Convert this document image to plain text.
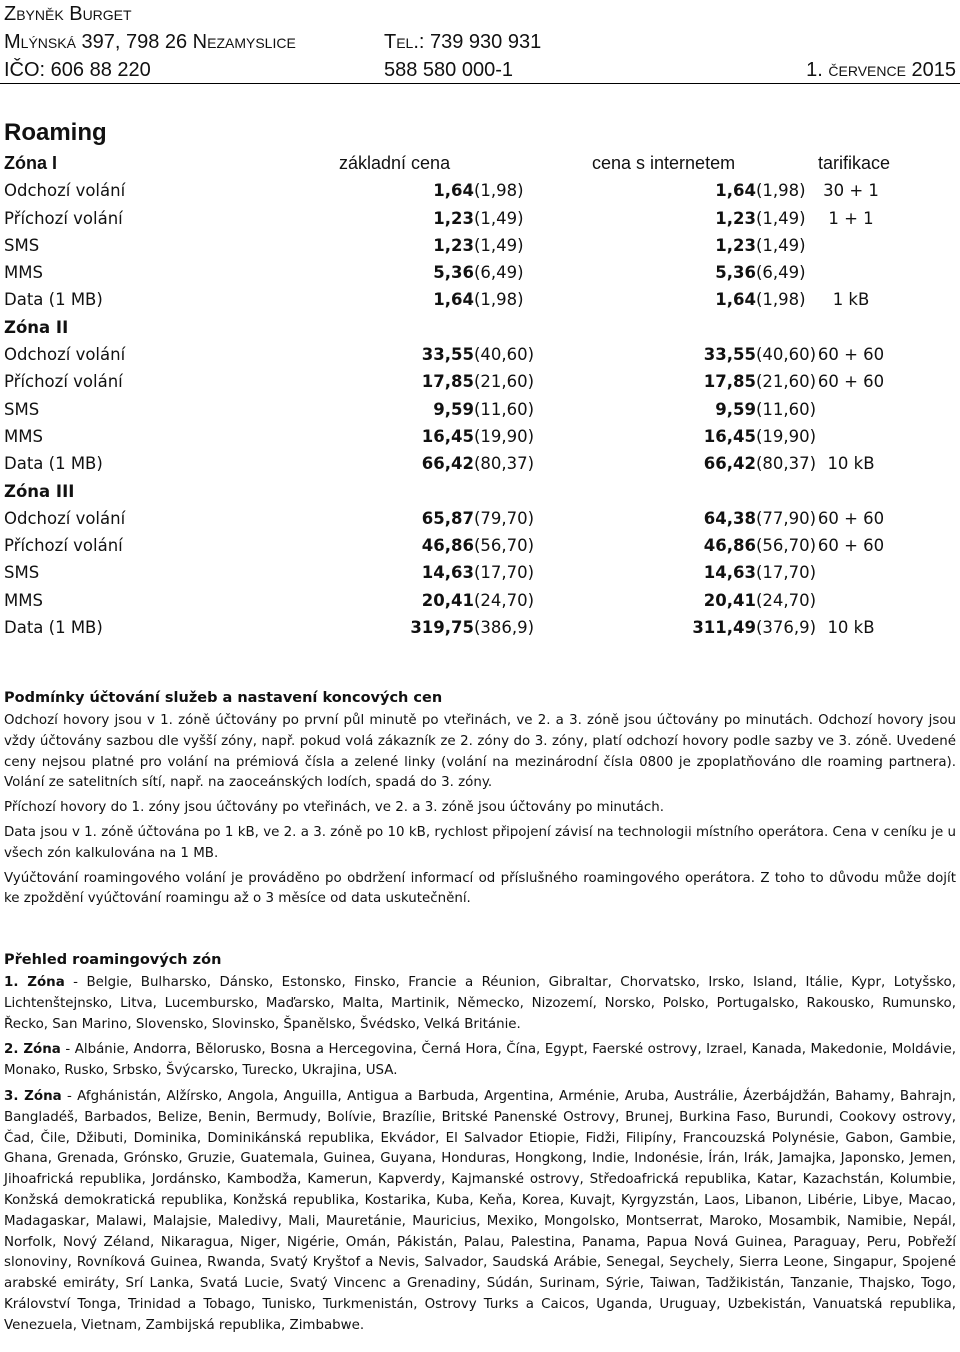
Zbyněk Burget
Mlýnská 397, 798 26 Nezamyslice	Tel.: 739 930 931
IČO: 606 88 220	588 580 000-1	1. července 2015
Roaming
Zóna I	základní cena	cena s internetem	tarifikace
Odchozí volání	1,64 (1,98)	1,64 (1,98)	30 + 1
Příchozí volání	1,23 (1,49)	1,23 (1,49)	1 + 1
SMS	1,23 (1,49)	1,23 (1,49)
MMS	5,36 (6,49)	5,36 (6,49)
Data (1 MB)	1,64 (1,98)	1,64 (1,98)	1 kB
Zóna II
Odchozí volání	33,55 (40,60)	33,55 (40,60) 60 + 60
Příchozí volání	17,85 (21,60)	17,85 (21,60) 60 + 60
SMS	9,59 (11,60)	9,59 (11,60)
MMS	16,45 (19,90)	16,45 (19,90)
Data (1 MB)	66,42 (80,37)	66,42 (80,37) 10 kB
Zóna III
Odchozí volání	65,87 (79,70)	64,38 (77,90) 60 + 60
Příchozí volání	46,86 (56,70)	46,86 (56,70) 60 + 60
SMS	14,63 (17,70)	14,63 (17,70)
MMS	20,41 (24,70)	20,41 (24,70)
Data (1 MB)	319,75 (386,9)	311,49 (376,9) 10 kB
Podmínky účtování služeb a nastavení koncových cen

Odchozí hovory jsou v 1. zóně účtovány po první půl minutě po vteřinách, ve 2. a 3. zóně jsou účtovány po minutách. Odchozí hovory jsou vždy účtovány sazbou dle vyšší zóny, např. pokud volá zákazník ze 2. zóny do 3. zóny, platí odchozí hovory podle sazby ve 3. zóně. Uvedené ceny nejsou platné pro volání na prémiová čísla a zelené linky (volání na mezinárodní čísla 0800 je zpoplatňováno dle roaming partnera). Volání ze satelitních sítí, např. na zaoceánských lodích, spadá do 3. zóny.

Příchozí hovory do 1. zóny jsou účtovány po vteřinách, ve 2. a 3. zóně jsou účtovány po minutách.

Data jsou v 1. zóně účtována po 1 kB, ve 2. a 3. zóně po 10 kB, rychlost připojení závisí na technologii místního operátora. Cena v ceníku je u všech zón kalkulována na 1 MB.

Vyúčtování roamingového volání je prováděno po obdržení informací od příslušného roamingového operátora. Z toho to důvodu může dojít ke zpoždění vyúčtování roamingu až o 3 měsíce od data uskutečnění.

Přehled roamingových zón

1. Zóna - Belgie, Bulharsko, Dánsko, Estonsko, Finsko, Francie a Réunion, Gibraltar, Chorvatsko, Irsko, Island, Itálie, Kypr, Lotyšsko, Lichtenštejnsko, Litva, Lucembursko, Maďarsko, Malta, Martinik, Německo, Nizozemí, Norsko, Polsko, Portugalsko, Rakousko, Rumunsko, Řecko, San Marino, Slovensko, Slovinsko, Španělsko, Švédsko, Velká Británie.

2. Zóna - Albánie, Andorra, Bělorusko, Bosna a Hercegovina, Černá Hora, Čína, Egypt, Faerské ostrovy, Izrael, Kanada, Makedonie, Moldávie, Monako, Rusko, Srbsko, Švýcarsko, Turecko, Ukrajina, USA.

3. Zóna - Afghánistán, Alžírsko, Angola, Anguilla, Antigua a Barbuda, Argentina, Arménie, Aruba, Austrálie, Ázerbájdžán, Bahamy, Bahrajn, Bangladéš, Barbados, Belize, Benin, Bermudy, Bolívie, Brazílie, Britské Panenské Ostrovy, Brunej, Burkina Faso, Burundi, Cookovy ostrovy, Čad, Čile, Džibuti, Dominika, Dominikánská republika, Ekvádor, El Salvador Etiopie, Fidži, Filipíny, Francouzská Polynésie, Gabon, Gambie, Ghana, Grenada, Grónsko, Gruzie, Guatemala, Guinea, Guyana, Honduras, Hongkong, Indie, Indonésie, Írán, Irák, Jamajka, Japonsko, Jemen, Jihoafrická republika, Jordánsko, Kambodža, Kamerun, Kapverdy, Kajmanské ostrovy, Středoafrická republika, Katar, Kazachstán, Kolumbie, Konžská demokratická republika, Konžská republika, Kostarika, Kuba, Keňa, Korea, Kuvajt, Kyrgyzstán, Laos, Libanon, Libérie, Libye, Macao, Madagaskar, Malawi, Malajsie, Maledivy, Mali, Mauretánie, Mauricius, Mexiko, Mongolsko, Montserrat, Maroko, Mosambik, Namibie, Nepál, Norfolk, Nový Zéland, Nikaragua, Niger, Nigérie, Omán, Pákistán, Palau, Palestina, Panama, Papua Nová Guinea, Paraguay, Peru, Pobřeží slonoviny, Rovníková Guinea, Rwanda, Svatý Kryštof a Nevis, Salvador, Saudská Arábie, Senegal, Seychely, Sierra Leone, Singapur, Spojené arabské emiráty, Srí Lanka, Svatá Lucie, Svatý Vincenc a Grenadiny, Súdán, Surinam, Sýrie, Taiwan, Tadžikistán, Tanzanie, Thajsko, Togo, Království Tonga, Trinidad a Tobago, Tunisko, Turkmenistán, Ostrovy Turks a Caicos, Uganda, Uruguay, Uzbekistán, Vanuatská republika, Venezuela, Vietnam, Zambijská republika, Zimbabwe.
